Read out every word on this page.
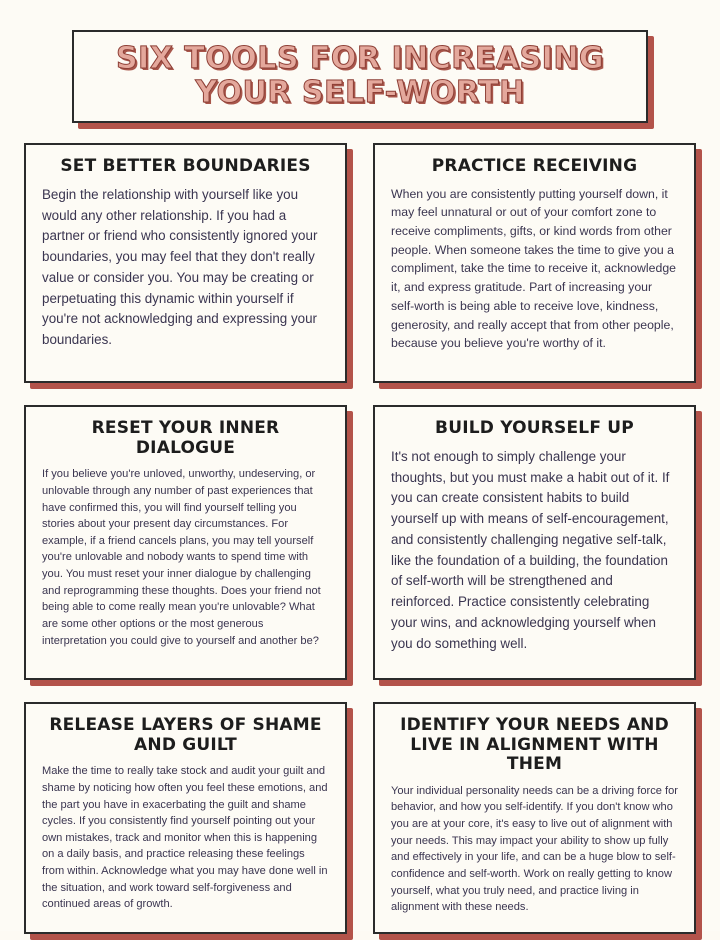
SIX TOOLS FOR INCREASING YOUR SELF-WORTH
SET BETTER BOUNDARIES

Begin the relationship with yourself like you would any other relationship. If you had a partner or friend who consistently ignored your boundaries, you may feel that they don't really value or consider you. You may be creating or perpetuating this dynamic within yourself if you're not acknowledging and expressing your boundaries.

PRACTICE RECEIVING

When you are consistently putting yourself down, it may feel unnatural or out of your comfort zone to receive compliments, gifts, or kind words from other people. When someone takes the time to give you a compliment, take the time to receive it, acknowledge it, and express gratitude. Part of increasing your self-worth is being able to receive love, kindness, generosity, and really accept that from other people, because you believe you're worthy of it.

RESET YOUR INNER DIALOGUE

If you believe you're unloved, unworthy, undeserving, or unlovable through any number of past experiences that have confirmed this, you will find yourself telling you stories about your present day circumstances. For example, if a friend cancels plans, you may tell yourself you're unlovable and nobody wants to spend time with you. You must reset your inner dialogue by challenging and reprogramming these thoughts. Does your friend not being able to come really mean you're unlovable? What are some other options or the most generous interpretation you could give to yourself and another be?

BUILD YOURSELF UP

It's not enough to simply challenge your thoughts, but you must make a habit out of it. If you can create consistent habits to build yourself up with means of self-encouragement, and consistently challenging negative self-talk, like the foundation of a building, the foundation of self-worth will be strengthened and reinforced. Practice consistently celebrating your wins, and acknowledging yourself when you do something well.

RELEASE LAYERS OF SHAME AND GUILT

Make the time to really take stock and audit your guilt and shame by noticing how often you feel these emotions, and the part you have in exacerbating the guilt and shame cycles. If you consistently find yourself pointing out your own mistakes, track and monitor when this is happening on a daily basis, and practice releasing these feelings from within. Acknowledge what you may have done well in the situation, and work toward self-forgiveness and continued areas of growth.

IDENTIFY YOUR NEEDS AND LIVE IN ALIGNMENT WITH THEM

Your individual personality needs can be a driving force for behavior, and how you self-identify. If you don't know who you are at your core, it's easy to live out of alignment with your needs. This may impact your ability to show up fully and effectively in your life, and can be a huge blow to self-confidence and self-worth. Work on really getting to know yourself, what you truly need, and practice living in alignment with these needs.
